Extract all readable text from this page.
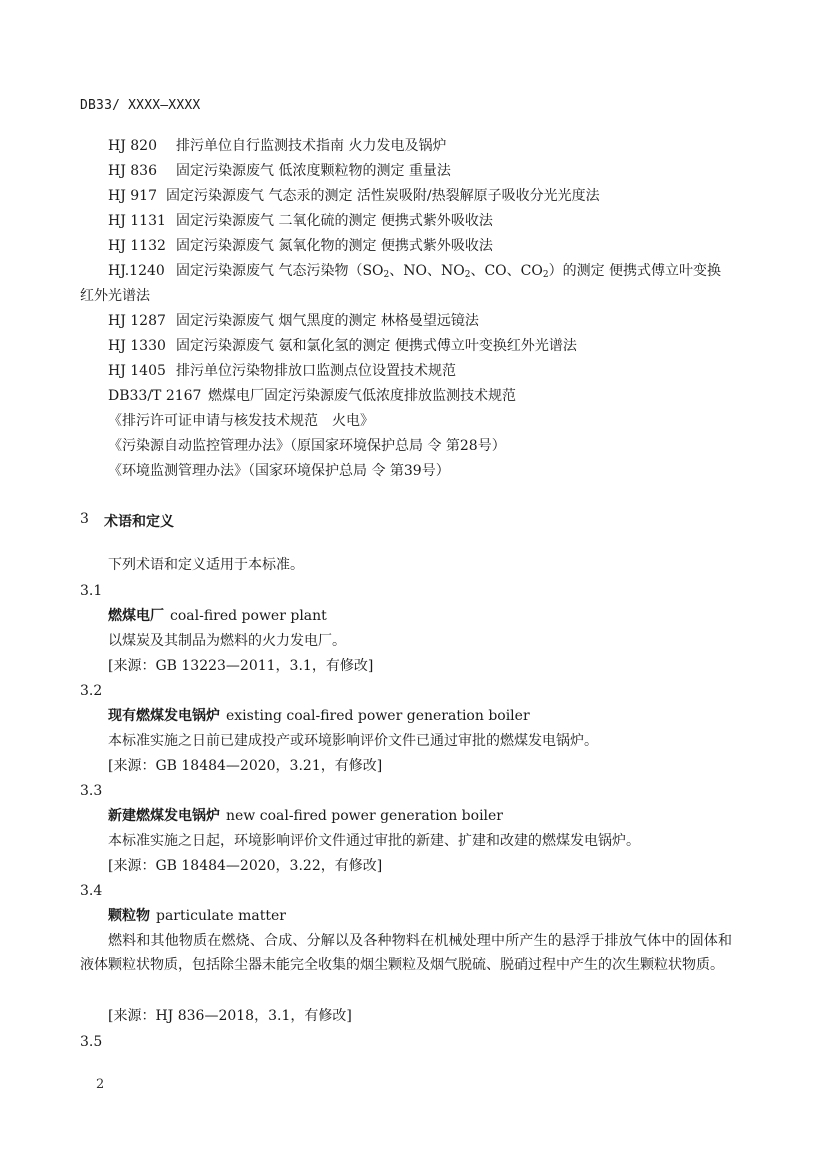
DB33/ XXXX—XXXX
HJ 820 排污单位自行监测技术指南 火力发电及锅炉
HJ 836 固定污染源废气 低浓度颗粒物的测定 重量法
HJ 917 固定污染源废气 气态汞的测定 活性炭吸附/热裂解原子吸收分光光度法
HJ 1131 固定污染源废气 二氧化硫的测定 便携式紫外吸收法
HJ 1132 固定污染源废气 氮氧化物的测定 便携式紫外吸收法
HJ.1240 固定污染源废气 气态污染物（$SO_2$、NO、$NO_2$、CO、$CO_2$）的测定 便携式傅立叶变换
红外光谱法
HJ 1287 固定污染源废气 烟气黑度的测定 林格曼望远镜法
HJ 1330 固定污染源废气 氨和氯化氢的测定 便携式傅立叶变换红外光谱法
HJ 1405 排污单位污染物排放口监测点位设置技术规范
DB33/T 2167 燃煤电厂固定污染源废气低浓度排放监测技术规范
《排污许可证申请与核发技术规范　火电》
《污染源自动监控管理办法》（原国家环境保护总局 令 第28号）
《环境监测管理办法》（国家环境保护总局 令 第39号）
3 术语和定义
下列术语和定义适用于本标准。
3.1
燃煤电厂 coal-fired power plant
以煤炭及其制品为燃料的火力发电厂。
[来源：GB 13223—2011，3.1，有修改]
3.2
现有燃煤发电锅炉 existing coal-fired power generation boiler
本标准实施之日前已建成投产或环境影响评价文件已通过审批的燃煤发电锅炉。
[来源：GB 18484—2020，3.21，有修改]
3.3
新建燃煤发电锅炉 new coal-fired power generation boiler
本标准实施之日起，环境影响评价文件通过审批的新建、扩建和改建的燃煤发电锅炉。
[来源：GB 18484—2020，3.22，有修改]
3.4
颗粒物 particulate matter
燃料和其他物质在燃烧、合成、分解以及各种物料在机械处理中所产生的悬浮于排放气体中的固体和液体颗粒状物质，包括除尘器未能完全收集的烟尘颗粒及烟气脱硫、脱硝过程中产生的次生颗粒状物质。
[来源：HJ 836—2018，3.1，有修改]
3.5
2
